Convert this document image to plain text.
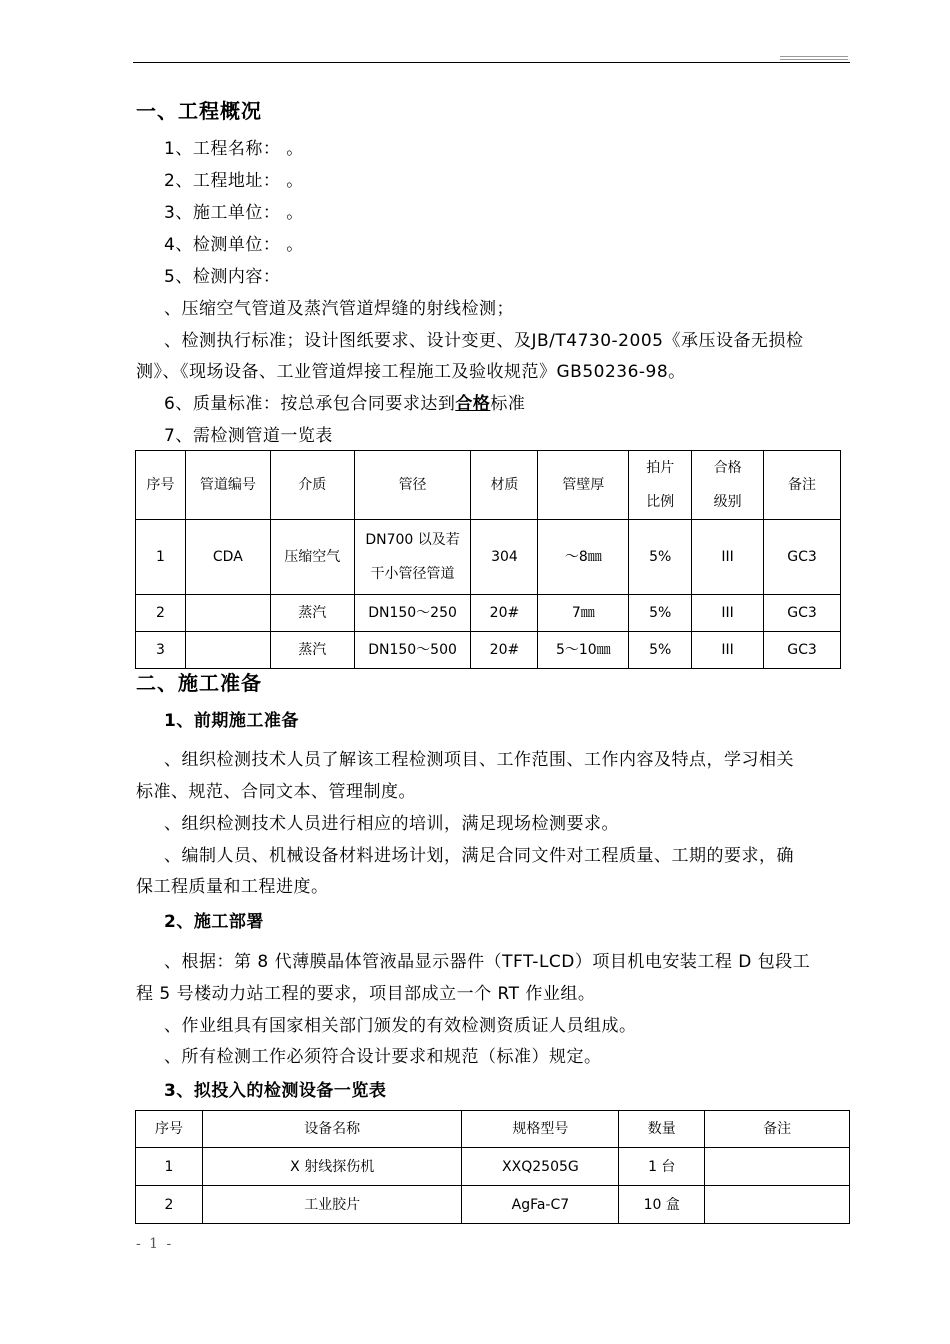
一、工程概况
1、工程名称： 。
2、工程地址： 。
3、施工单位： 。
4、检测单位： 。
5、检测内容：
、压缩空气管道及蒸汽管道焊缝的射线检测；
、检测执行标准；设计图纸要求、设计变更、及JB/T4730-2005《承压设备无损检
测》、《现场设备、工业管道焊接工程施工及验收规范》GB50236-98。
6、质量标准：按总承包合同要求达到合格标准
7、需检测管道一览表
序号	管道编号	介质	管径	材质	管壁厚	拍片
比例	合格
级别	备注
1	CDA	压缩空气	DN700 以及若
干小管径管道	304	～8㎜	5%	III	GC3
2		蒸汽	DN150～250	20#	7㎜	5%	III	GC3
3		蒸汽	DN150～500	20#	5～10㎜	5%	III	GC3
二、施工准备
1、前期施工准备
、组织检测技术人员了解该工程检测项目、工作范围、工作内容及特点，学习相关
标准、规范、合同文本、管理制度。
、组织检测技术人员进行相应的培训，满足现场检测要求。
、编制人员、机械设备材料进场计划，满足合同文件对工程质量、工期的要求，确
保工程质量和工程进度。
2、施工部署
、根据：第 8 代薄膜晶体管液晶显示器件（TFT-LCD）项目机电安装工程 D 包段工
程 5 号楼动力站工程的要求，项目部成立一个 RT 作业组。
、作业组具有国家相关部门颁发的有效检测资质证人员组成。
、所有检测工作必须符合设计要求和规范（标准）规定。
3、拟投入的检测设备一览表
序号	设备名称	规格型号	数量	备注
1	X 射线探伤机	XXQ2505G	1 台	
2	工业胶片	AgFa-C7	10 盒	
- 1 -
